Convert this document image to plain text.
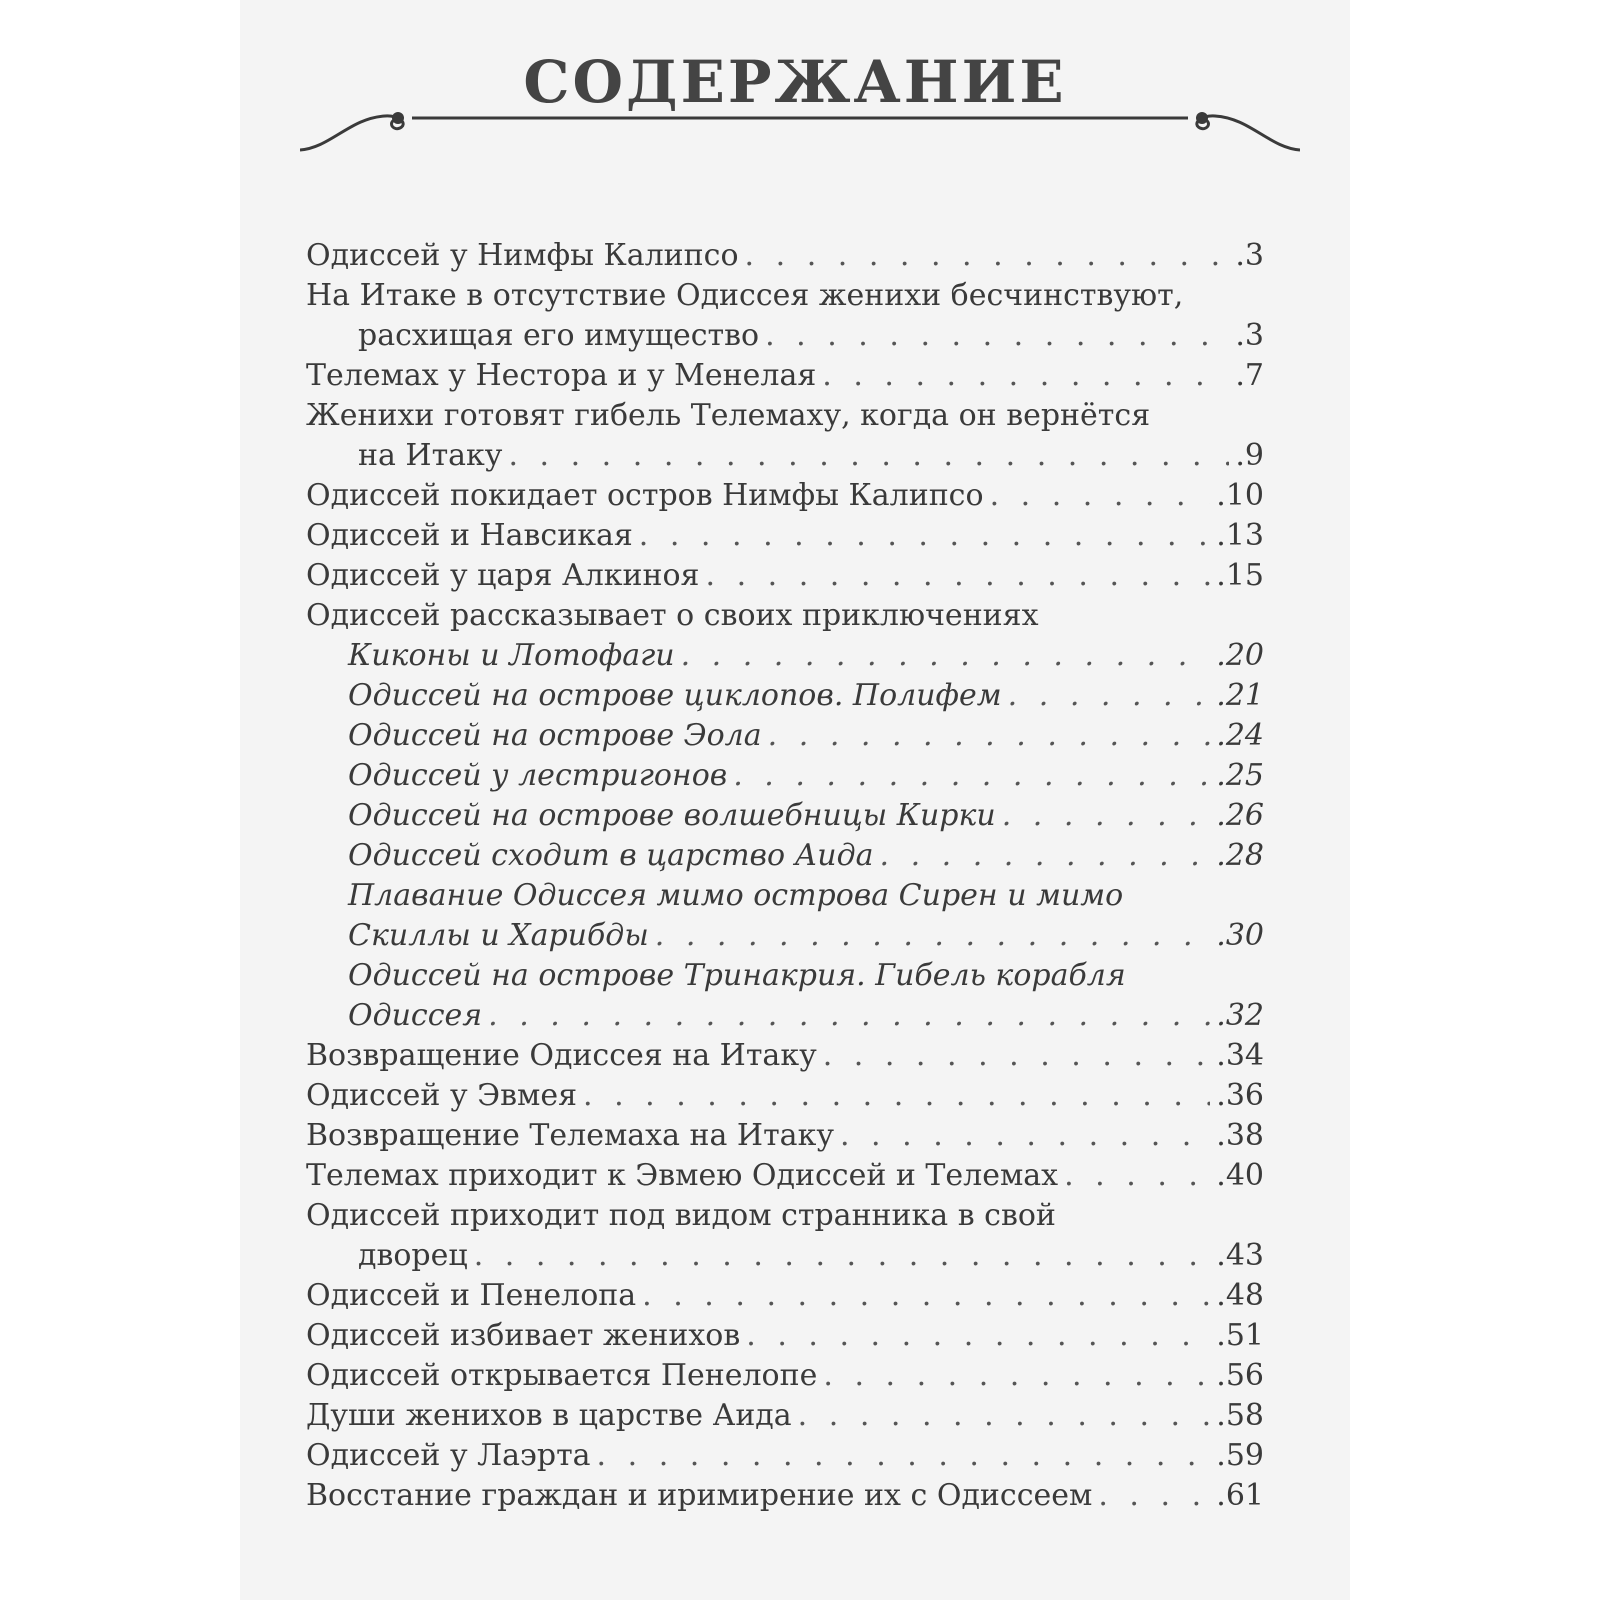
СОДЕРЖАНИЕ
Одиссей у Нимфы Калипсо . . .	.3
На Итаке в отсутствие Одиссея женихи бесчинствуют,
расхищая его имущество . . .	.3
Телемах у Нестора и у Менелая . . .	.7
Женихи готовят гибель Телемаху, когда он вернётся
на Итаку . . .	.9
Одиссей покидает остров Нимфы Калипсо . . .	.10
Одиссей и Навсикая . . .	.13
Одиссей у царя Алкиноя . . .	.15
Одиссей рассказывает о своих приключениях
Киконы и Лотофаги . . .	.20
Одиссей на острове циклопов. Полифем . . .	.21
Одиссей на острове Эола . . .	.24
Одиссей у лестригонов . . .	.25
Одиссей на острове волшебницы Кирки . . .	.26
Одиссей сходит в царство Аида . . .	.28
Плавание Одиссея мимо острова Сирен и мимо
Скиллы и Харибды . . .	.30
Одиссей на острове Тринакрия. Гибель корабля
Одиссея . . .	.32
Возвращение Одиссея на Итаку . . .	.34
Одиссей у Эвмея . . .	.36
Возвращение Телемаха на Итаку . . .	.38
Телемах приходит к Эвмею Одиссей и Телемах . . .	.40
Одиссей приходит под видом странника в свой
дворец . . .	.43
Одиссей и Пенелопа . . .	.48
Одиссей избивает женихов . . .	.51
Одиссей открывается Пенелопе . . .	.56
Души женихов в царстве Аида . . .	.58
Одиссей у Лаэрта . . .	.59
Восстание граждан и иримирение их с Одиссеем . . .	.61
